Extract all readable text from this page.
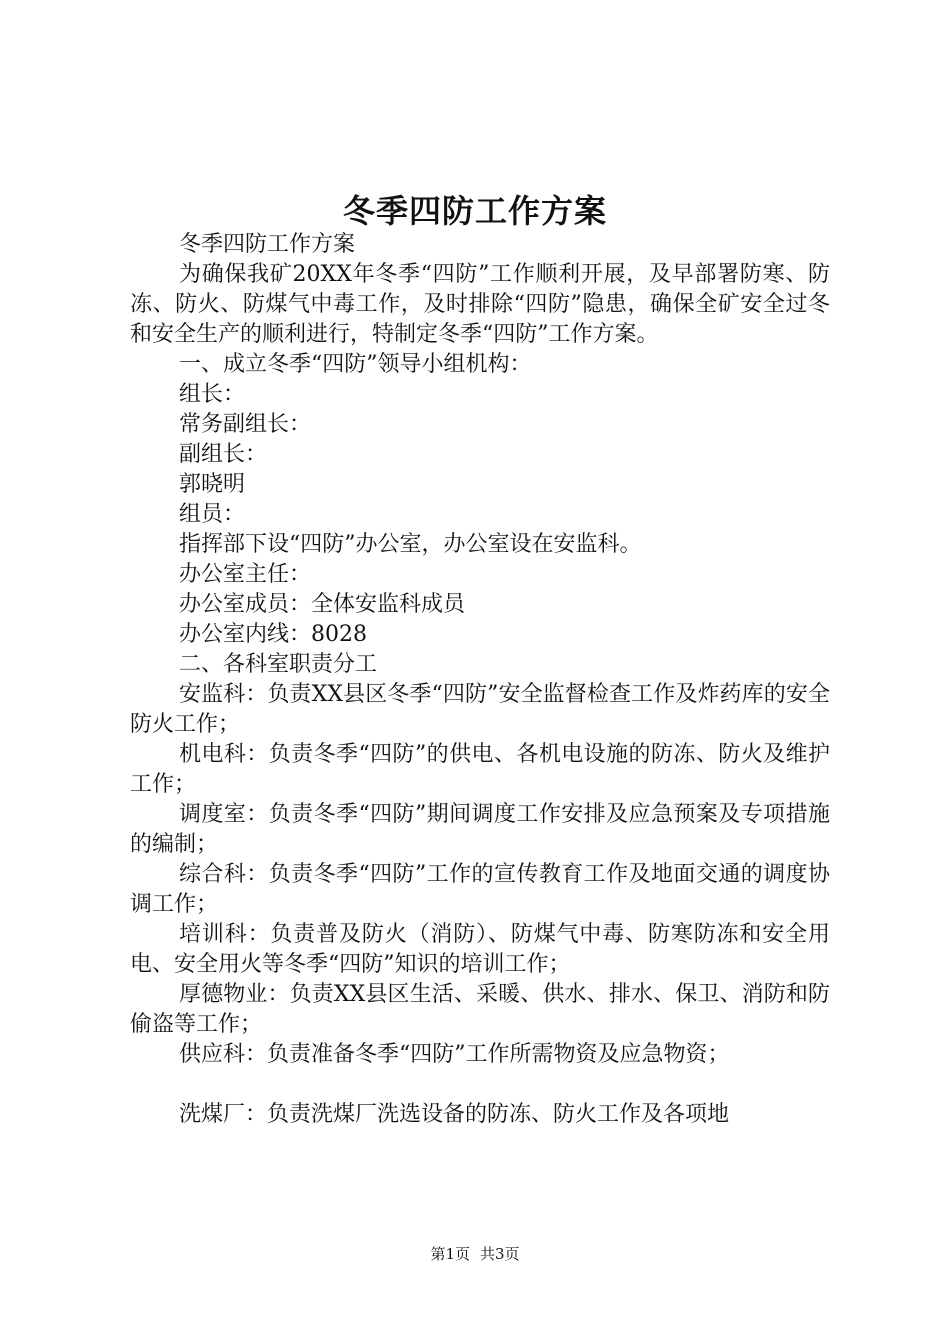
冬季四防工作方案

冬季四防工作方案

为确保我矿20XX年冬季“四防”工作顺利开展，及早部署防寒、防冻、防火、防煤气中毒工作，及时排除“四防”隐患，确保全矿安全过冬和安全生产的顺利进行，特制定冬季“四防”工作方案。

一、成立冬季“四防”领导小组机构：

组长：

常务副组长：

副组长：

郭晓明

组员：

指挥部下设“四防”办公室，办公室设在安监科。

办公室主任：

办公室成员：全体安监科成员

办公室内线：8028

二、各科室职责分工

安监科：负责XX县区冬季“四防”安全监督检查工作及炸药库的安全防火工作；

机电科：负责冬季“四防”的供电、各机电设施的防冻、防火及维护工作；

调度室：负责冬季“四防”期间调度工作安排及应急预案及专项措施的编制；

综合科：负责冬季“四防”工作的宣传教育工作及地面交通的调度协调工作；

培训科：负责普及防火（消防）、防煤气中毒、防寒防冻和安全用电、安全用火等冬季“四防”知识的培训工作；

厚德物业：负责XX县区生活、采暖、供水、排水、保卫、消防和防偷盗等工作；

供应科：负责准备冬季“四防”工作所需物资及应急物资；

洗煤厂：负责洗煤厂洗选设备的防冻、防火工作及各项地

第1页 共3页
